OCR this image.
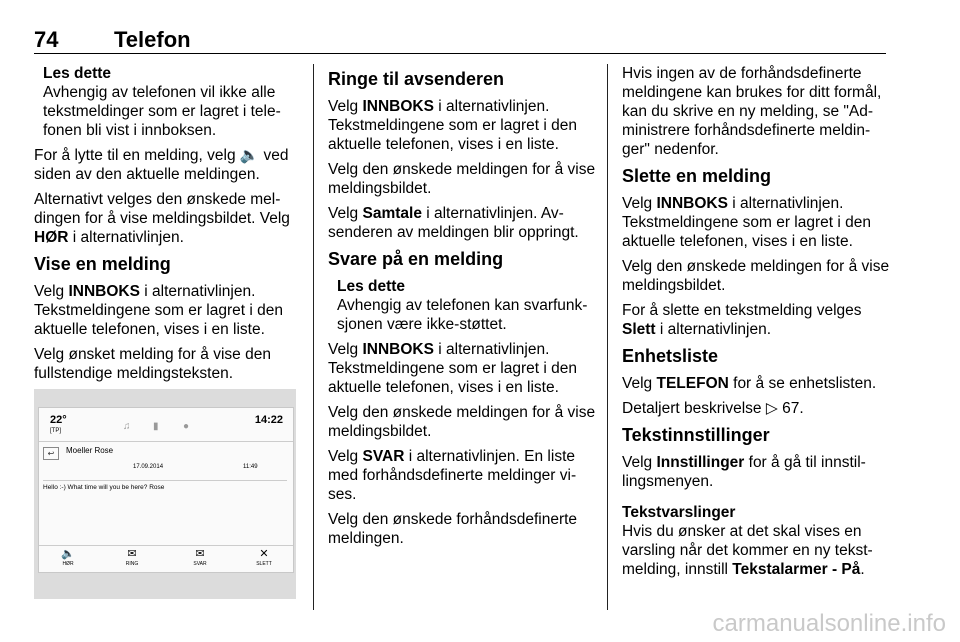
74	Telefon
Les dette
Avhengig av telefonen vil ikke alle tekstmeldinger som er lagret i tele- fonen bli vist i innboksen.

For å lytte til en melding, velg 🔈 ved siden av den aktuelle meldingen.

Alternativt velges den ønskede mel- dingen for å vise meldingsbildet. Velg HØR i alternativlinjen.

Vise en melding

Velg INNBOKS i alternativlinjen. Tekstmeldingene som er lagret i den aktuelle telefonen, vises i en liste.

Velg ønsket melding for å vise den fullstendige meldingsteksten.

22°
[TP]	♫ ▮ ●
14:22
↩	Moeller Rose
17.09.2014	11:49
Hello :-) What time will you be here? Rose
🔈
HØR
✉
RING
✉
SVAR
✕
SLETT
Ringe til avsenderen

Velg INNBOKS i alternativlinjen. Tekstmeldingene som er lagret i den aktuelle telefonen, vises i en liste.

Velg den ønskede meldingen for å vise meldingsbildet.

Velg Samtale i alternativlinjen. Av- senderen av meldingen blir oppringt.

Svare på en melding
Les dette
Avhengig av telefonen kan svarfunk- sjonen være ikke-støttet.

Velg INNBOKS i alternativlinjen. Tekstmeldingene som er lagret i den aktuelle telefonen, vises i en liste.

Velg den ønskede meldingen for å vise meldingsbildet.

Velg SVAR i alternativlinjen. En liste med forhåndsdefinerte meldinger vi- ses.

Velg den ønskede forhåndsdefinerte meldingen.

Hvis ingen av de forhåndsdefinerte meldingene kan brukes for ditt formål, kan du skrive en ny melding, se "Ad- ministrere forhåndsdefinerte meldin- ger" nedenfor.

Slette en melding

Velg INNBOKS i alternativlinjen. Tekstmeldingene som er lagret i den aktuelle telefonen, vises i en liste.

Velg den ønskede meldingen for å vise meldingsbildet.

For å slette en tekstmelding velges Slett i alternativlinjen.

Enhetsliste

Velg TELEFON for å se enhetslisten.

Detaljert beskrivelse ▷ 67.

Tekstinnstillinger

Velg Innstillinger for å gå til innstil- lingsmenyen.

Tekstvarslinger

Hvis du ønsker at det skal vises en varsling når det kommer en ny tekst- melding, innstill Tekstalarmer - På.

carmanualsonline.info
